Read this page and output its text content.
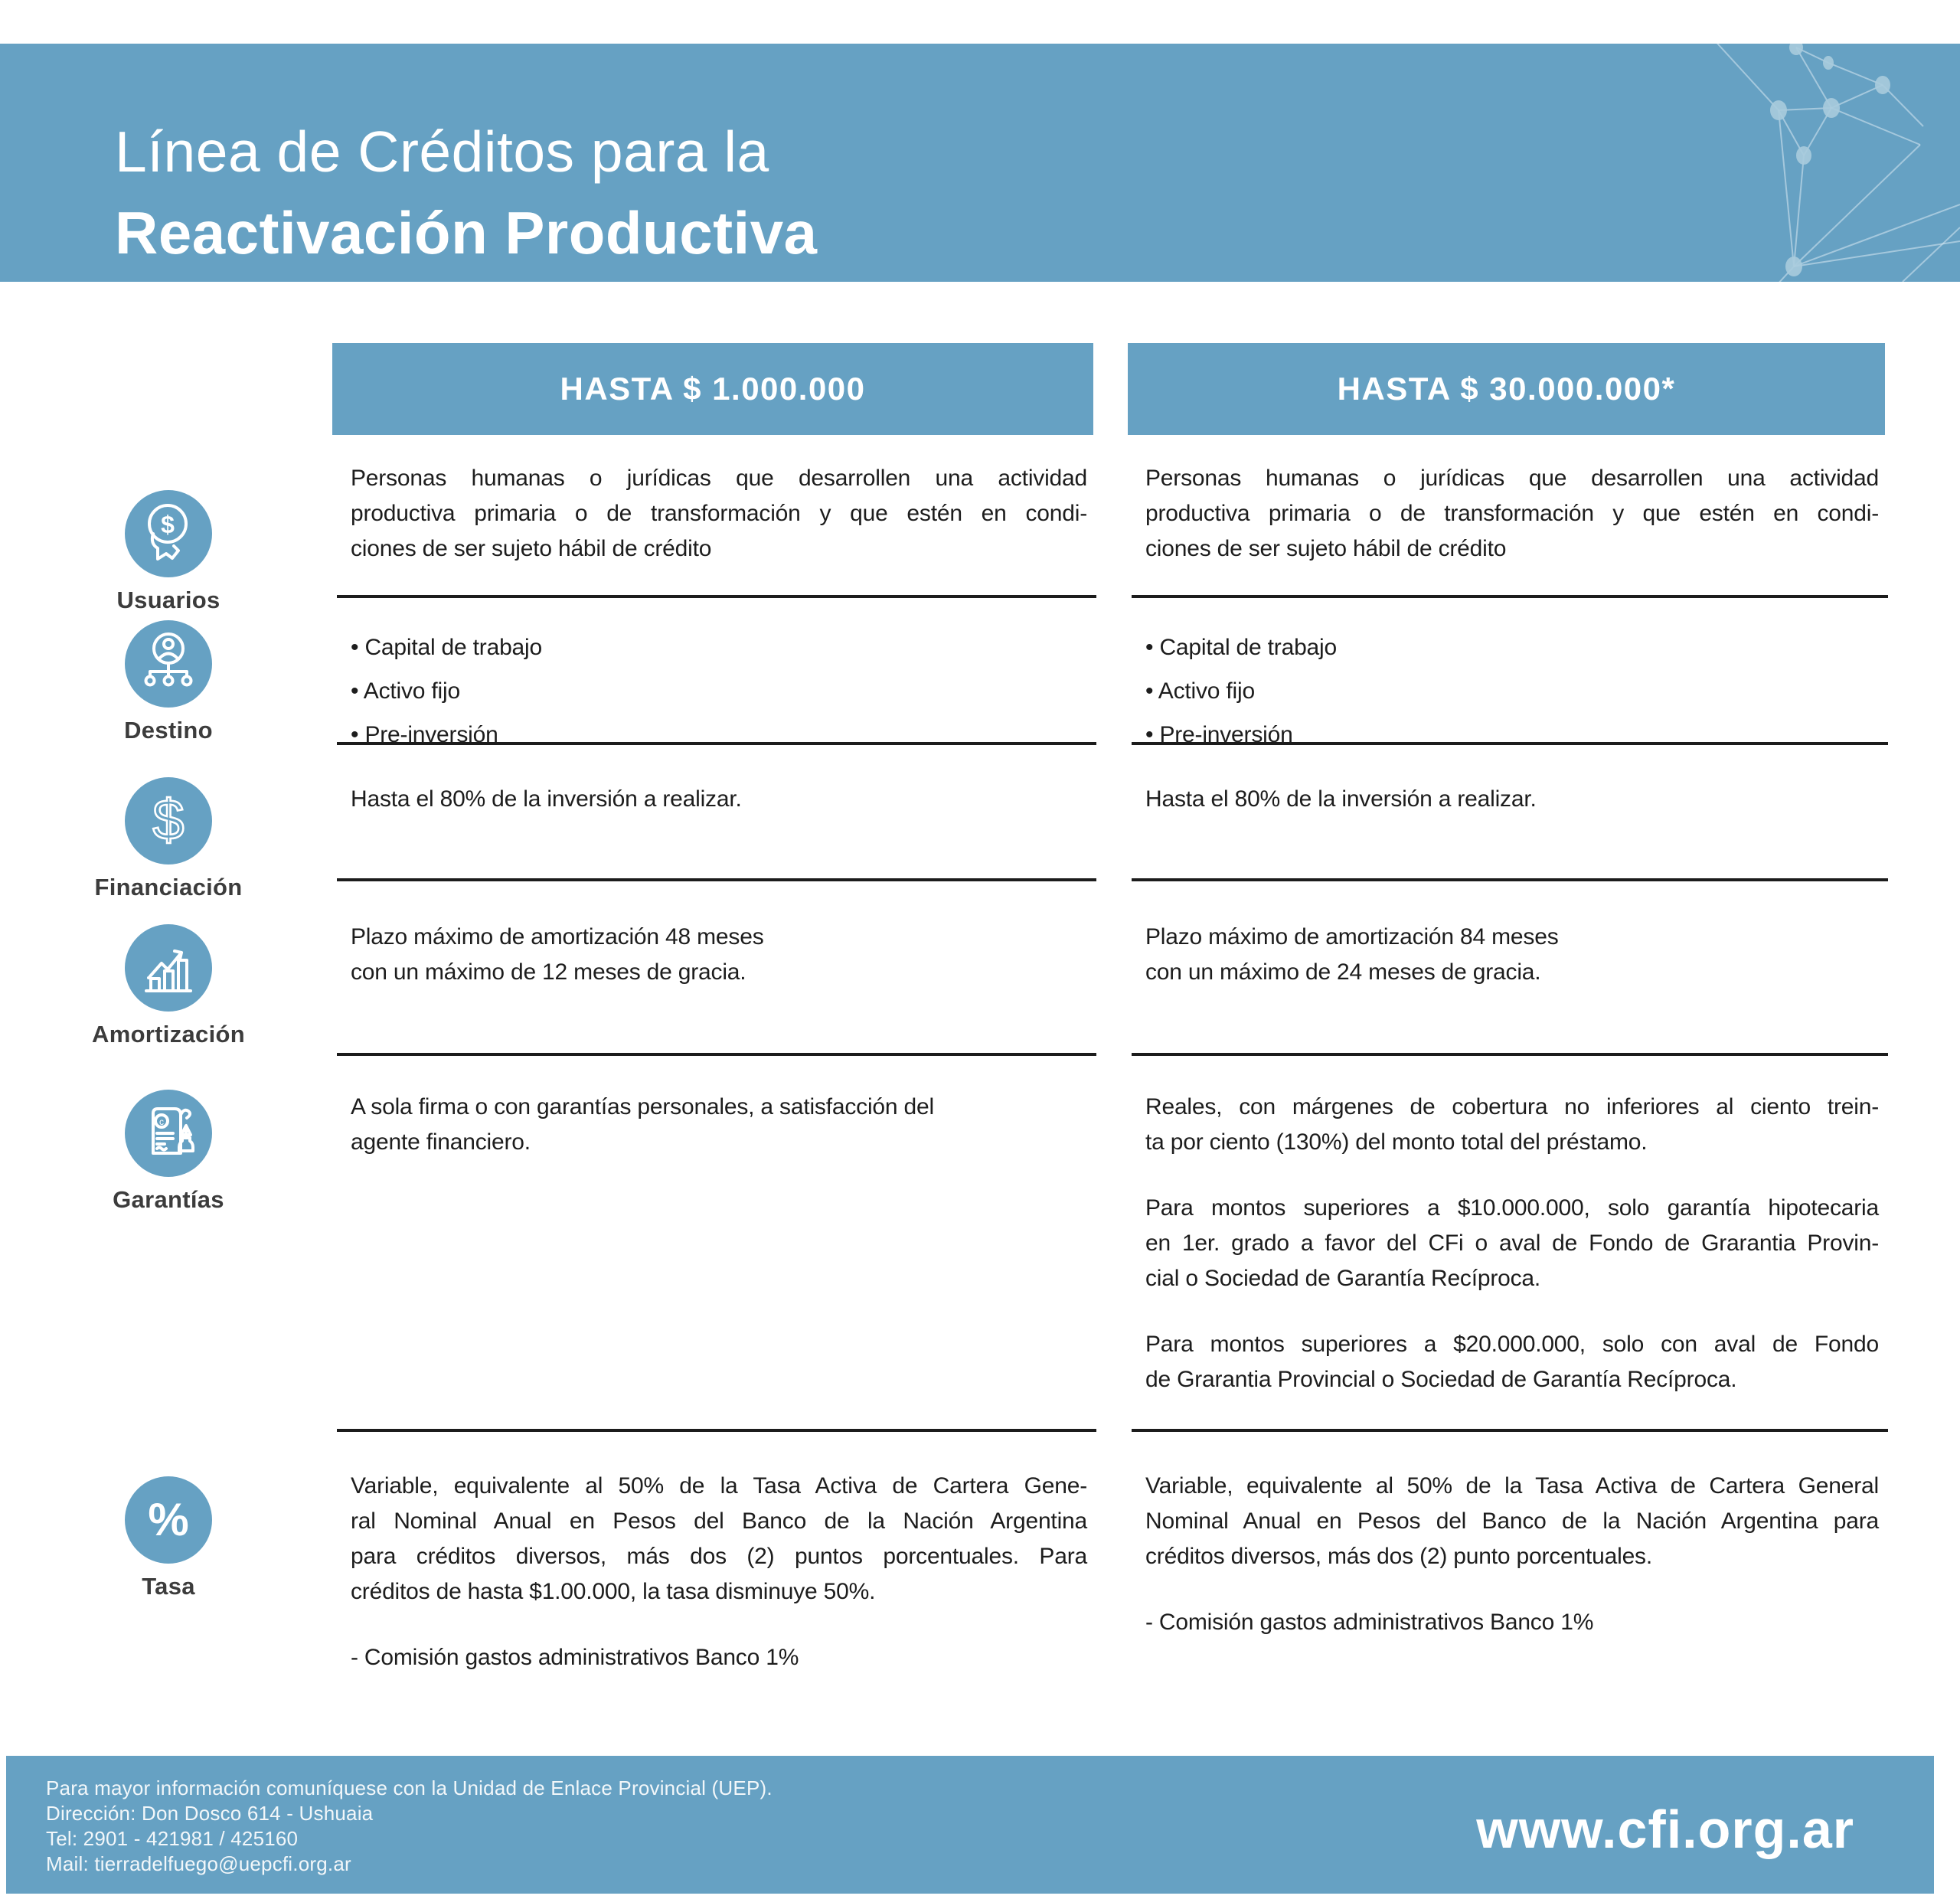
Línea de Créditos para la
Reactivación Productiva
HASTA $ 1.000.000	HASTA $ 30.000.000*
$
Usuarios
Personas humanas o jurídicas que desarrollen una actividad
productiva primaria o de transformación y que estén en condi-
ciones de ser sujeto hábil de crédito
Personas humanas o jurídicas que desarrollen una actividad
productiva primaria o de transformación y que estén en condi-
ciones de ser sujeto hábil de crédito
Destino
• Capital de trabajo
• Activo fijo
• Pre-inversión
• Capital de trabajo
• Activo fijo
• Pre-inversión
$
Financiación
Hasta el 80% de la inversión a realizar.	Hasta el 80% de la inversión a realizar.
Amortización
Plazo máximo de amortización 48 meses
con un máximo de 12 meses de gracia.
Plazo máximo de amortización 84 meses
con un máximo de 24 meses de gracia.
c
Garantías
A sola firma o con garantías personales, a satisfacción del
agente financiero.
Reales, con márgenes de cobertura no inferiores al ciento trein-
ta por ciento (130%) del monto total del préstamo.
Para montos superiores a $10.000.000, solo garantía hipotecaria
en 1er. grado a favor del CFi o aval de Fondo de Grarantia Provin-
cial o Sociedad de Garantía Recíproca.
Para montos superiores a $20.000.000, solo con aval de Fondo
de Grarantia Provincial o Sociedad de Garantía Recíproca.
%
Tasa
Variable, equivalente al 50% de la Tasa Activa de Cartera Gene-
ral Nominal Anual en Pesos del Banco de la Nación Argentina
para créditos diversos, más dos (2) puntos porcentuales. Para
créditos de hasta $1.00.000, la tasa disminuye 50%.
- Comisión gastos administrativos Banco 1%
Variable, equivalente al 50% de la Tasa Activa de Cartera General
Nominal Anual en Pesos del Banco de la Nación Argentina para
créditos diversos, más dos (2) punto porcentuales.
- Comisión gastos administrativos Banco 1%
Para mayor información comuníquese con la Unidad de Enlace Provincial (UEP).
Dirección: Don Dosco 614 - Ushuaia
Tel: 2901 - 421981 / 425160
Mail: tierradelfuego@uepcfi.org.ar
www.cfi.org.ar
